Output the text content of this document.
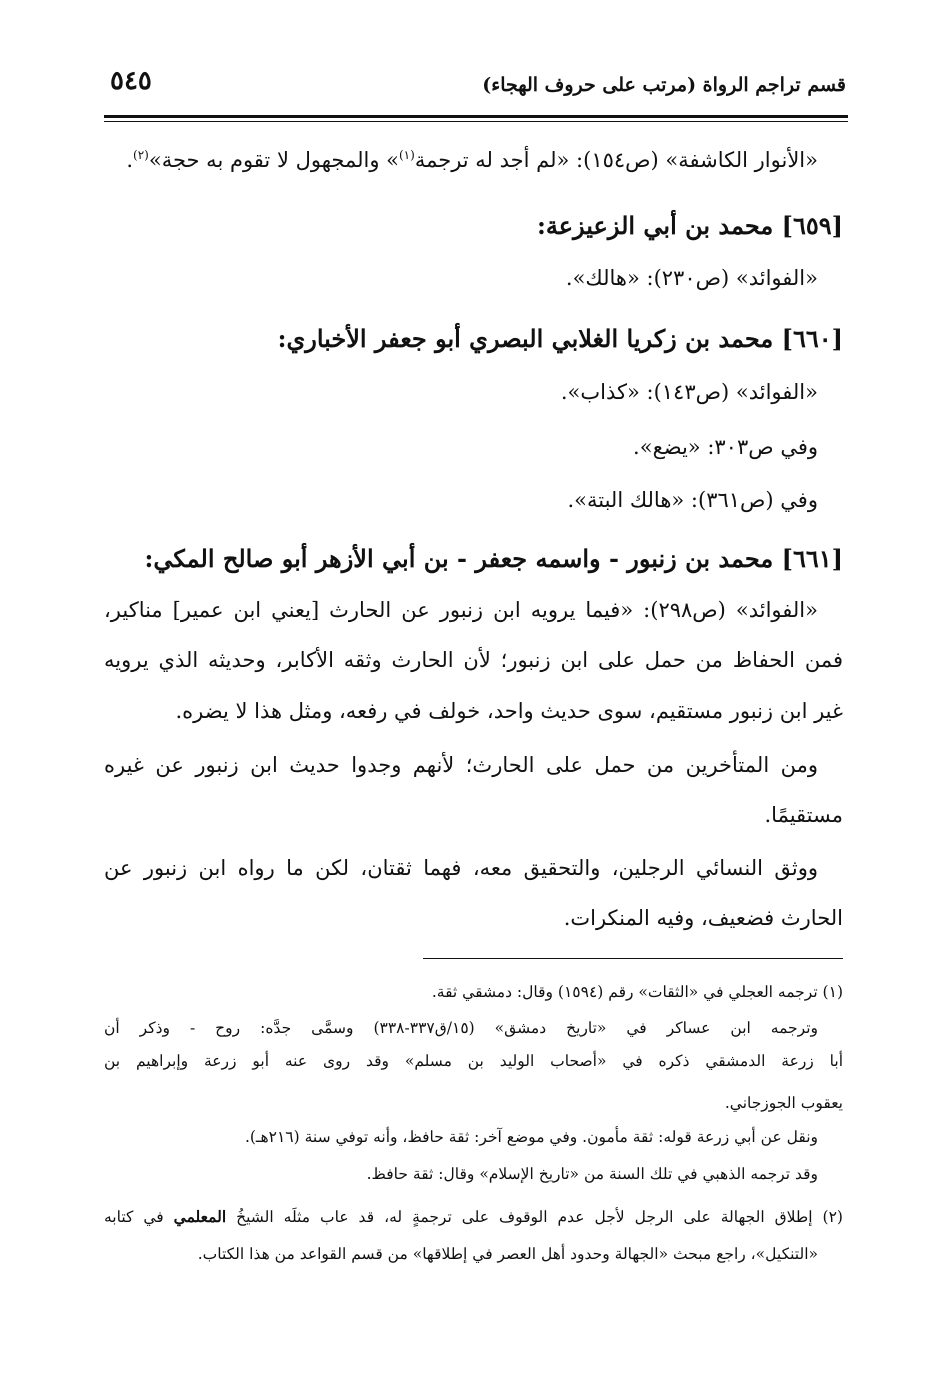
قسم تراجم الرواة (مرتب على حروف الهجاء)
٥٤٥
«الأنوار الكاشفة» (ص١٥٤): «لم أجد له ترجمة$^{(١)}$» والمجهول لا تقوم به حجة»$^{(٢)}$.
[٦٥٩] محمد بن أبي الزعيزعة:
«الفوائد» (ص٢٣٠): «هالك».
[٦٦٠] محمد بن زكريا الغلابي البصري أبو جعفر الأخباري:
«الفوائد» (ص١٤٣): «كذاب».
وفي ص٣٠٣: «يضع».
وفي (ص٣٦١): «هالك البتة».
[٦٦١] محمد بن زنبور - واسمه جعفر - بن أبي الأزهر أبو صالح المكي:
«الفوائد» (ص٢٩٨): «فيما يرويه ابن زنبور عن الحارث [يعني ابن عمير] مناكير،
فمن الحفاظ من حمل على ابن زنبور؛ لأن الحارث وثقه الأكابر، وحديثه الذي يرويه
غير ابن زنبور مستقيم، سوى حديث واحد، خولف في رفعه، ومثل هذا لا يضره.
ومن المتأخرين من حمل على الحارث؛ لأنهم وجدوا حديث ابن زنبور عن غيره
مستقيمًا.
ووثق النسائي الرجلين، والتحقيق معه، فهما ثقتان، لكن ما رواه ابن زنبور عن
الحارث فضعيف، وفيه المنكرات.
(١) ترجمه العجلي في «الثقات» رقم (١٥٩٤) وقال: دمشقي ثقة.
وترجمه ابن عساكر في «تاريخ دمشق» (١٥/ق٣٣٧-٣٣٨) وسمَّى جدَّه: روح - وذكر أن
أبا زرعة الدمشقي ذكره في «أصحاب الوليد بن مسلم» وقد روى عنه أبو زرعة وإبراهيم بن
يعقوب الجوزجاني.
ونقل عن أبي زرعة قوله: ثقة مأمون. وفي موضع آخر: ثقة حافظ، وأنه توفي سنة (٢١٦هـ).
وقد ترجمه الذهبي في تلك السنة من «تاريخ الإسلام» وقال: ثقة حافظ.
(٢) إطلاق الجهالة على الرجل لأجل عدم الوقوف على ترجمةٍ له، قد عاب مثلَه الشيخُ المعلمي في كتابه
«التنكيل»، راجع مبحث «الجهالة وحدود أهل العصر في إطلاقها» من قسم القواعد من هذا الكتاب.
